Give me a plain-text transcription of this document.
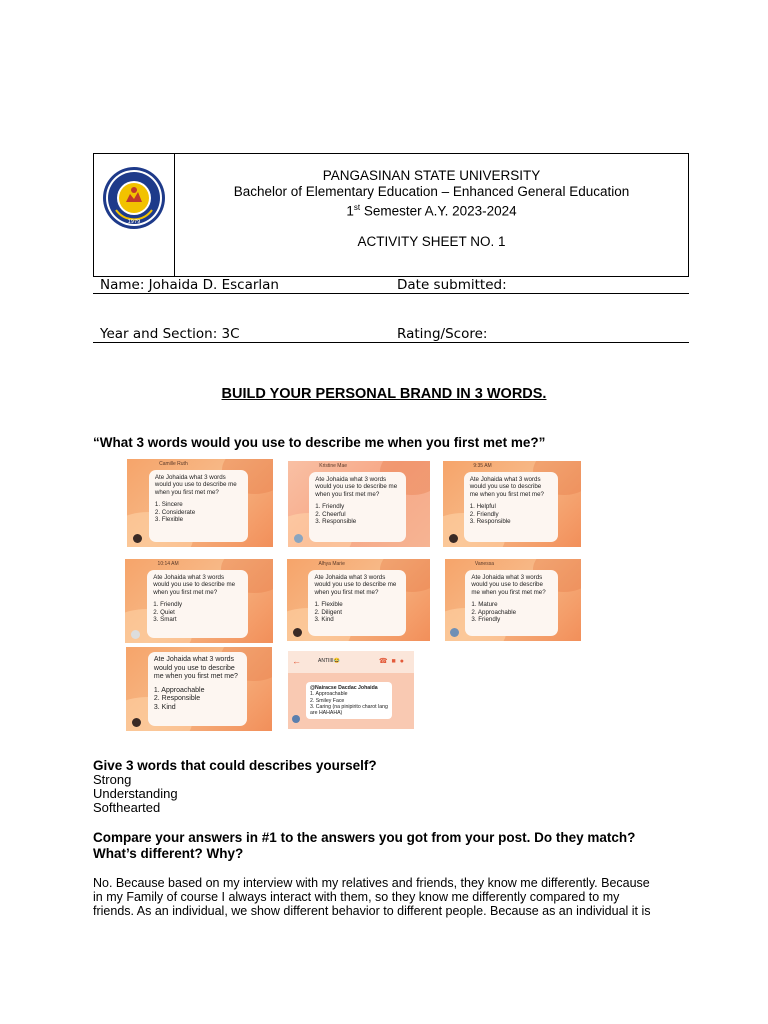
1979
PANGASINAN STATE UNIVERSITY
Bachelor of Elementary Education – Enhanced General Education
1st Semester A.Y. 2023-2024
ACTIVITY SHEET NO. 1
Name: Johaida D. Escarlan	Date submitted:
Year and Section: 3C	Rating/Score:
BUILD YOUR PERSONAL BRAND IN 3 WORDS.
“What 3 words would you use to describe me when you first met me?”
Camille Ruth
Ate Johaida what 3 words would you use to describe me when you first met me?
1. Sincere
2. Considerate
3. Flexible
Kristine Mae
Ate Johaida what 3 words would you use to describe me when you first met me?
1. Friendly
2. Cheerful
3. Responsible
9:35 AM
Ate Johaida what 3 words would you use to describe me when you first met me?
1. Helpful
2. Friendly
3. Responsible
10:14 AM
Ate Johaida what 3 words would you use to describe me when you first met me?
1. Friendly
2. Quiet
3. Smart
Alhya Marie
Ate Johaida what 3 words would you use to describe me when you first met me?
1. Flexible
2. Diligent
3. Kind
Vanessa
Ate Johaida what 3 words would you use to describe me when you first met me?
1. Mature
2. Approachable
3. Friendly
Ate Johaida what 3 words would you use to describe me when you first met me?
1. Approachable
2. Responsible
3. Kind
←	ANTIIII😂	☎■●
@Nairacse Dacdac Johaida
1. Approachable
2. Smiley Face
3. Caring (na pinipirito charot lang are HAHAHA)
Give 3 words that could describes yourself?
Strong
Understanding
Softhearted
Compare your answers in #1 to the answers you got from your post. Do they match?
What’s different? Why?
No. Because based on my interview with my relatives and friends, they know me differently. Because
in my Family of course I always interact with them, so they know me differently compared to my
friends. As an individual, we show different behavior to different people. Because as an individual it is
